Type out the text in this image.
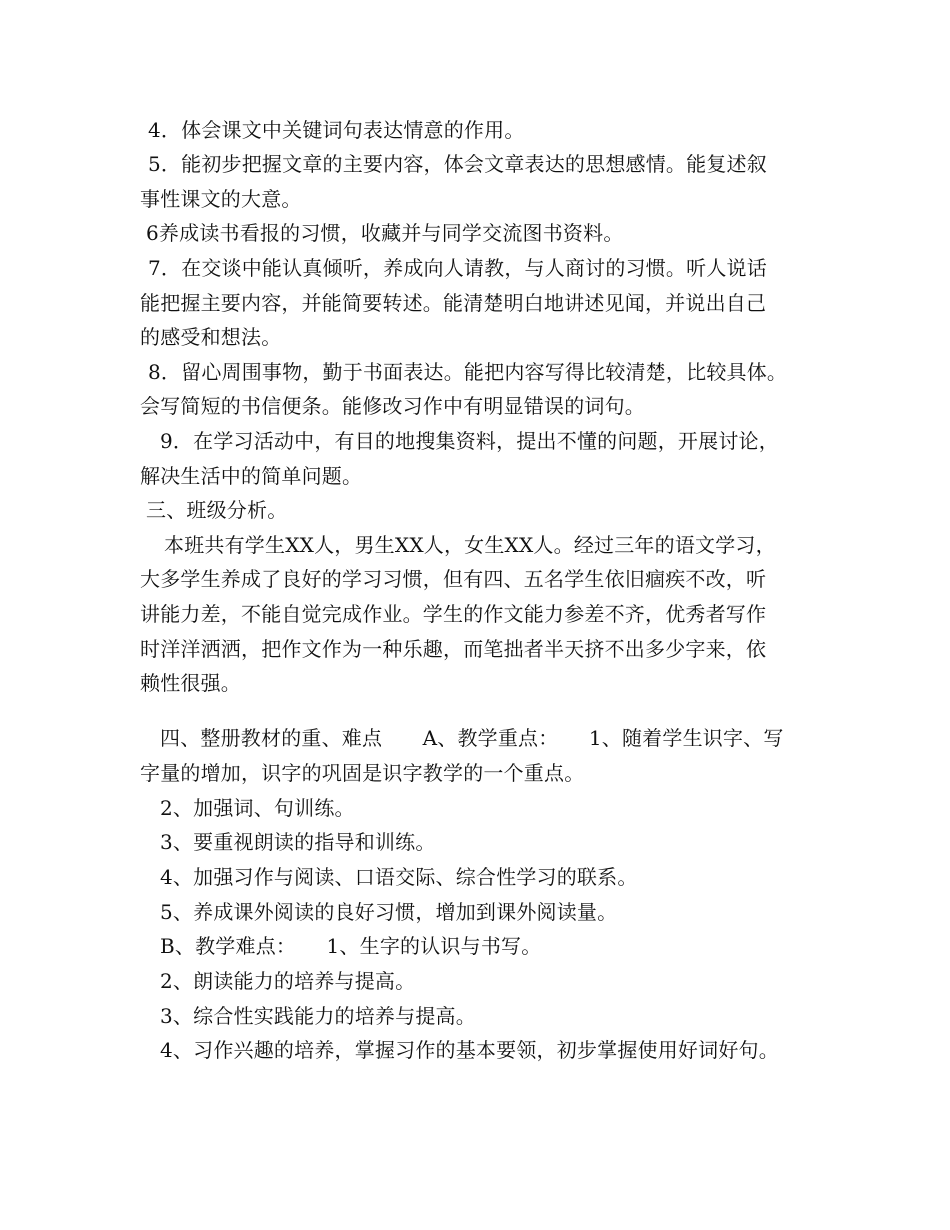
4．体会课文中关键词句表达情意的作用。
5．能初步把握文章的主要内容，体会文章表达的思想感情。能复述叙
事性课文的大意。
6养成读书看报的习惯，收藏并与同学交流图书资料。
7．在交谈中能认真倾听，养成向人请教，与人商讨的习惯。听人说话
能把握主要内容，并能简要转述。能清楚明白地讲述见闻，并说出自己
的感受和想法。
8．留心周围事物，勤于书面表达。能把内容写得比较清楚，比较具体。
会写简短的书信便条。能修改习作中有明显错误的词句。
9．在学习活动中，有目的地搜集资料，提出不懂的问题，开展讨论，
解决生活中的简单问题。
三、班级分析。
本班共有学生XX人，男生XX人，女生XX人。经过三年的语文学习，
大多学生养成了良好的学习习惯，但有四、五名学生依旧痼疾不改，听
讲能力差，不能自觉完成作业。学生的作文能力参差不齐，优秀者写作
时洋洋洒洒，把作文作为一种乐趣，而笔拙者半天挤不出多少字来，依
赖性很强。
四、整册教材的重、难点　　A、教学重点：　　1、随着学生识字、写
字量的增加，识字的巩固是识字教学的一个重点。
2、加强词、句训练。
3、要重视朗读的指导和训练。
4、加强习作与阅读、口语交际、综合性学习的联系。
5、养成课外阅读的良好习惯，增加到课外阅读量。
B、教学难点：　　1、生字的认识与书写。
2、朗读能力的培养与提高。
3、综合性实践能力的培养与提高。
4、习作兴趣的培养，掌握习作的基本要领，初步掌握使用好词好句。
